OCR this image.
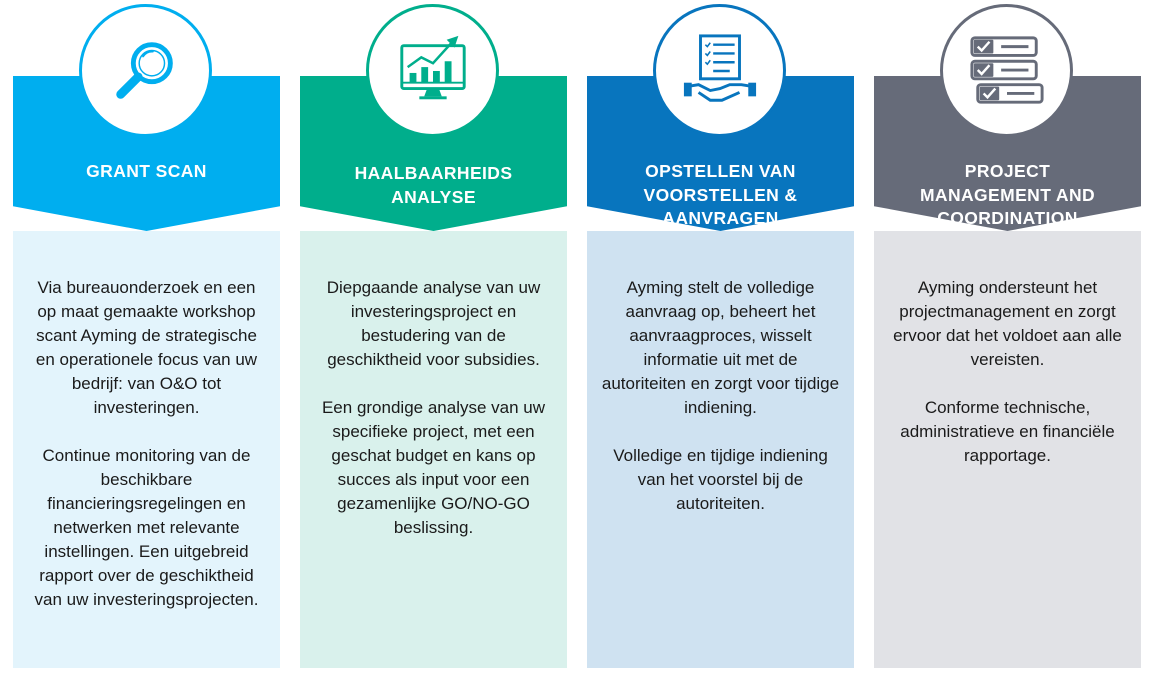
GRANT SCAN

Via bureauonderzoek en een op maat gemaakte workshop scant Ayming de strategische en operationele focus van uw bedrijf: van O&O tot investeringen.

Continue monitoring van de beschikbare financieringsregelingen en netwerken met relevante instellingen. Een uitgebreid rapport over de geschiktheid van uw investeringsprojecten.

HAALBAARHEIDS
ANALYSE

Diepgaande analyse van uw investeringsproject en bestudering van de geschiktheid voor subsidies.

Een grondige analyse van uw specifieke project, met een geschat budget en kans op succes als input voor een gezamenlijke GO/NO-GO beslissing.

OPSTELLEN VAN
VOORSTELLEN &
AANVRAGEN

Ayming stelt de volledige aanvraag op, beheert het aanvraagproces, wisselt informatie uit met de autoriteiten en zorgt voor tijdige indiening.

Volledige en tijdige indiening van het voorstel bij de autoriteiten.

PROJECT
MANAGEMENT AND
COORDINATION

Ayming ondersteunt het projectmanagement en zorgt ervoor dat het voldoet aan alle vereisten.

Conforme technische, administratieve en financiële rapportage.
